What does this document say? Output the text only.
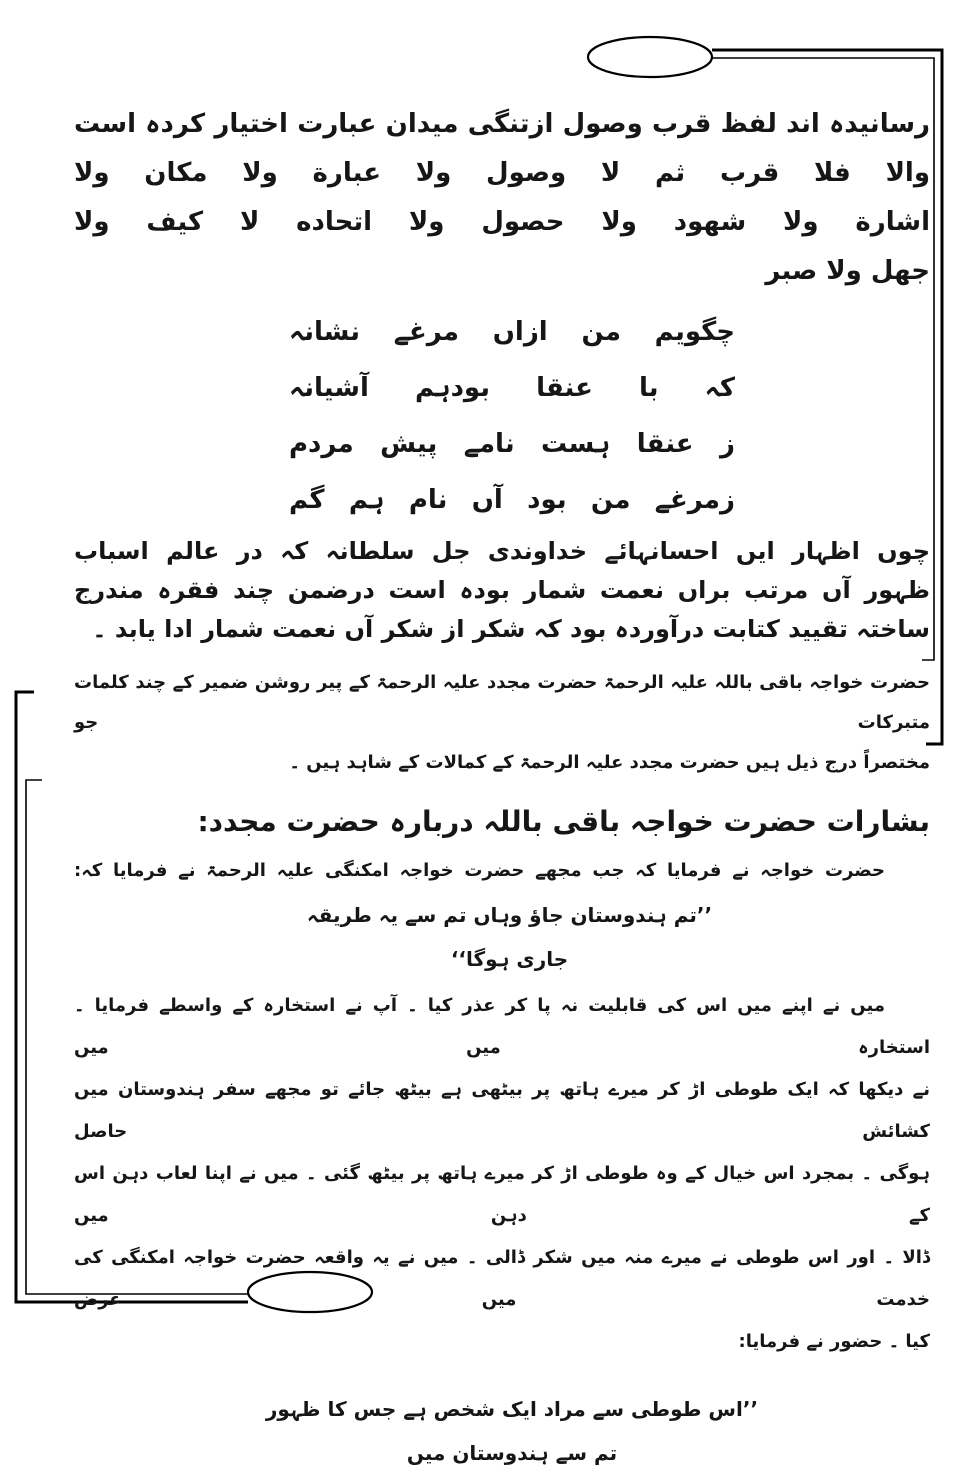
رسانیدہ اند لفظ قرب وصول ازتنگی میدان عبارت اختیار کردہ است
والا فلا قرب ثم لا وصول ولا عبارة ولا مكان ولا
اشارة ولا شهود ولا حصول ولا اتحاده لا كيف ولا
جهل ولا صبر
چگویم من ازاں مرغے نشانہ
کہ با عنقا بودہم آشیانہ
ز عنقا ہست نامے پیش مردم
زمرغے من بود آں نام ہم گم
چوں اظہار ایں احسانہائے خداوندی جل سلطانہ کہ در عالم اسباب
ظہور آں مرتب براں نعمت شمار بودہ است درضمن چند فقرہ مندرج
ساختہ تقیید کتابت درآوردہ بود کہ شکر از شکر آں نعمت شمار ادا یابد ۔
حضرت خواجہ باقی باللہ علیہ الرحمۃ حضرت مجدد علیہ الرحمۃ کے پیر روشن ضمیر کے چند کلمات متبرکات جو
مختصراً درج ذیل ہیں حضرت مجدد علیہ الرحمۃ کے کمالات کے شاہد ہیں ۔
بشارات حضرت خواجہ باقی باللہ دربارہ حضرت مجدد:
حضرت خواجہ نے فرمایا کہ جب مجھے حضرت خواجہ امکنگی علیہ الرحمۃ نے فرمایا کہ:
’’تم ہندوستان جاؤ وہاں تم سے یہ طریقہ جاری ہوگا‘‘
میں نے اپنے میں اس کی قابلیت نہ پا کر عذر کیا ۔ آپ نے استخارہ کے واسطے فرمایا ۔ استخارہ میں میں
نے دیکھا کہ ایک طوطی اڑ کر میرے ہاتھ پر بیٹھی ہے بیٹھ جائے تو مجھے سفر ہندوستان میں کشائش حاصل
ہوگی ۔ بمجرد اس خیال کے وہ طوطی اڑ کر میرے ہاتھ پر بیٹھ گئی ۔ میں نے اپنا لعاب دہن اس کے دہن میں
ڈالا ۔ اور اس طوطی نے میرے منہ میں شکر ڈالی ۔ میں نے یہ واقعہ حضرت خواجہ امکنگی کی خدمت میں عرض
کیا ۔ حضور نے فرمایا:
’’اس طوطی سے مراد ایک شخص ہے جس کا ظہور تم سے ہندوستان میں
